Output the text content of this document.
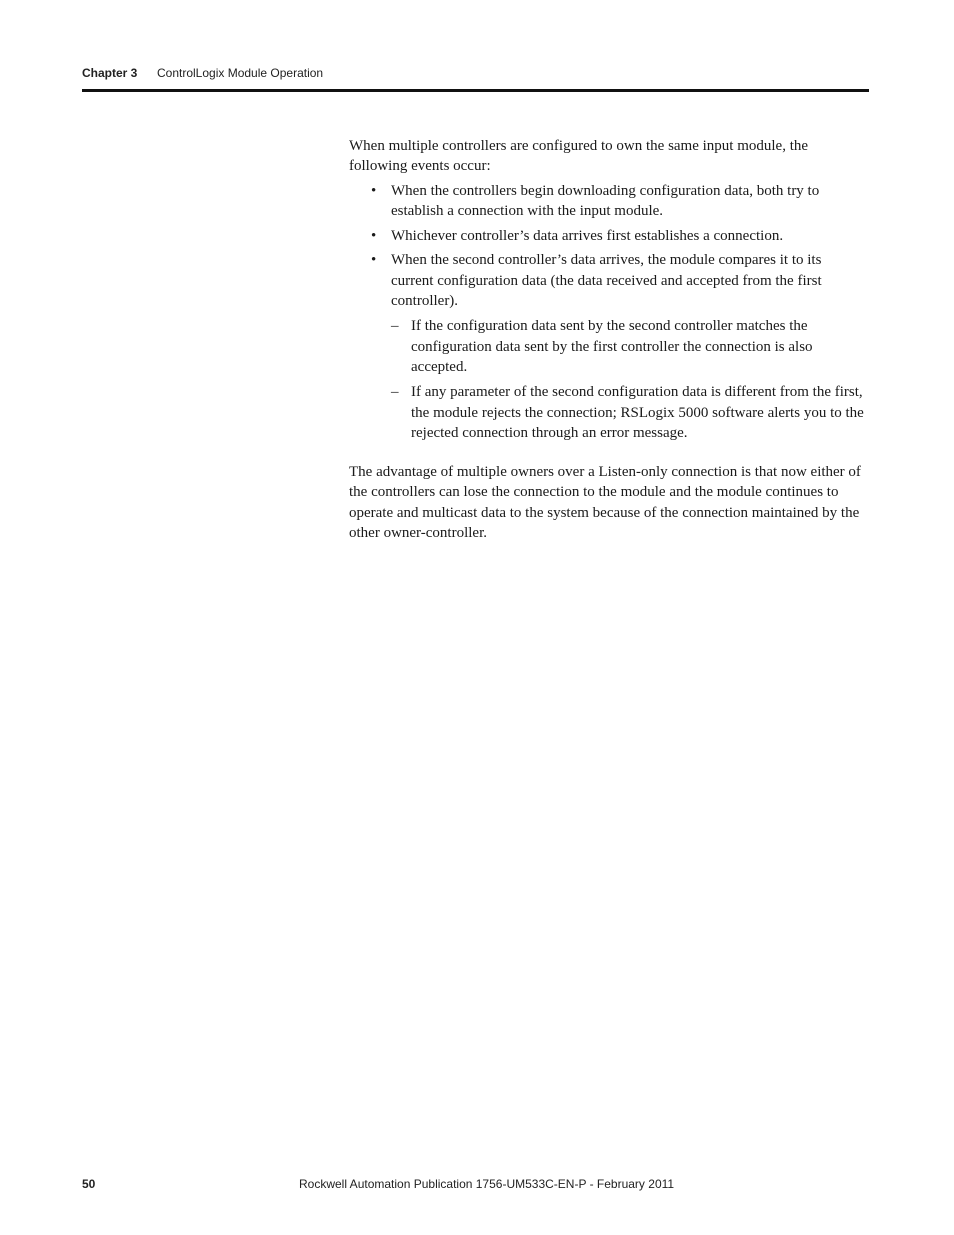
Chapter 3 ControlLogix Module Operation

When multiple controllers are configured to own the same input module, the following events occur:

• When the controllers begin downloading configuration data, both try to establish a connection with the input module.
• Whichever controller’s data arrives first establishes a connection.
• When the second controller’s data arrives, the module compares it to its current configuration data (the data received and accepted from the first controller).
– If the configuration data sent by the second controller matches the configuration data sent by the first controller the connection is also accepted.
– If any parameter of the second configuration data is different from the first, the module rejects the connection; RSLogix 5000 software alerts you to the rejected connection through an error message.

The advantage of multiple owners over a Listen-only connection is that now either of the controllers can lose the connection to the module and the module continues to operate and multicast data to the system because of the connection maintained by the other owner-controller.

50	Rockwell Automation Publication 1756-UM533C-EN-P - February 2011
